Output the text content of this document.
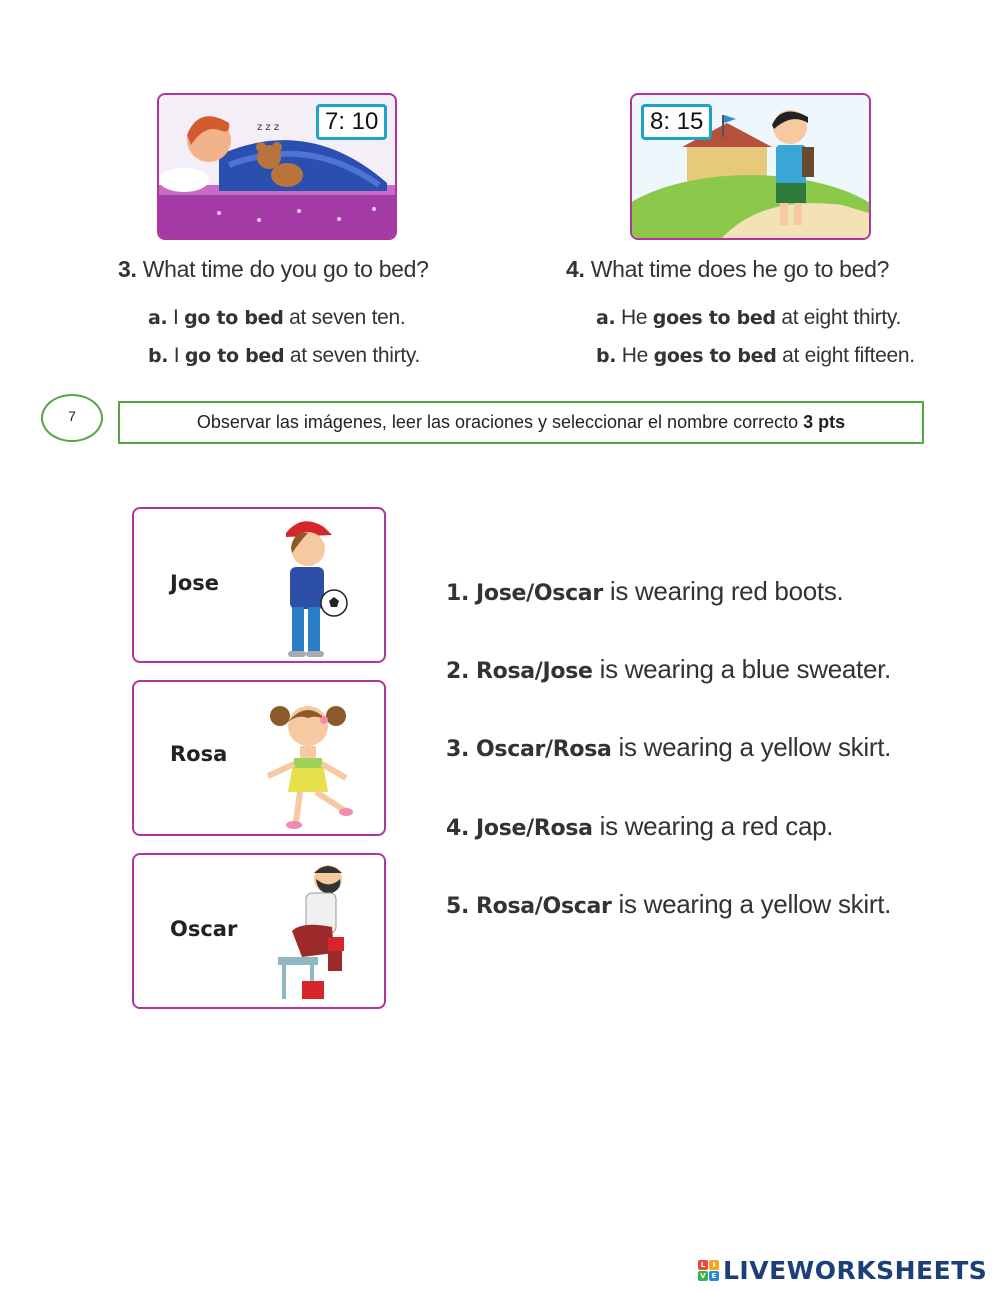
z z z	7: 10	8: 15
3. What time do you go to bed?
a. I go to bed at seven ten.
b. I go to bed at seven thirty.
4. What time does he go to bed?
a. He goes to bed at eight thirty.
b. He goes to bed at eight fifteen.
7	Observar las imágenes, leer las oraciones y seleccionar el nombre correcto
3 pts
Jose
Rosa
Oscar
1. Jose/Oscar is wearing red boots.
2. Rosa/Jose is wearing a blue sweater.
3. Oscar/Rosa is wearing a yellow skirt.
4. Jose/Rosa is wearing a red cap.
5. Rosa/Oscar is wearing a yellow skirt.
L	I
V E LIVEWORKSHEETS
